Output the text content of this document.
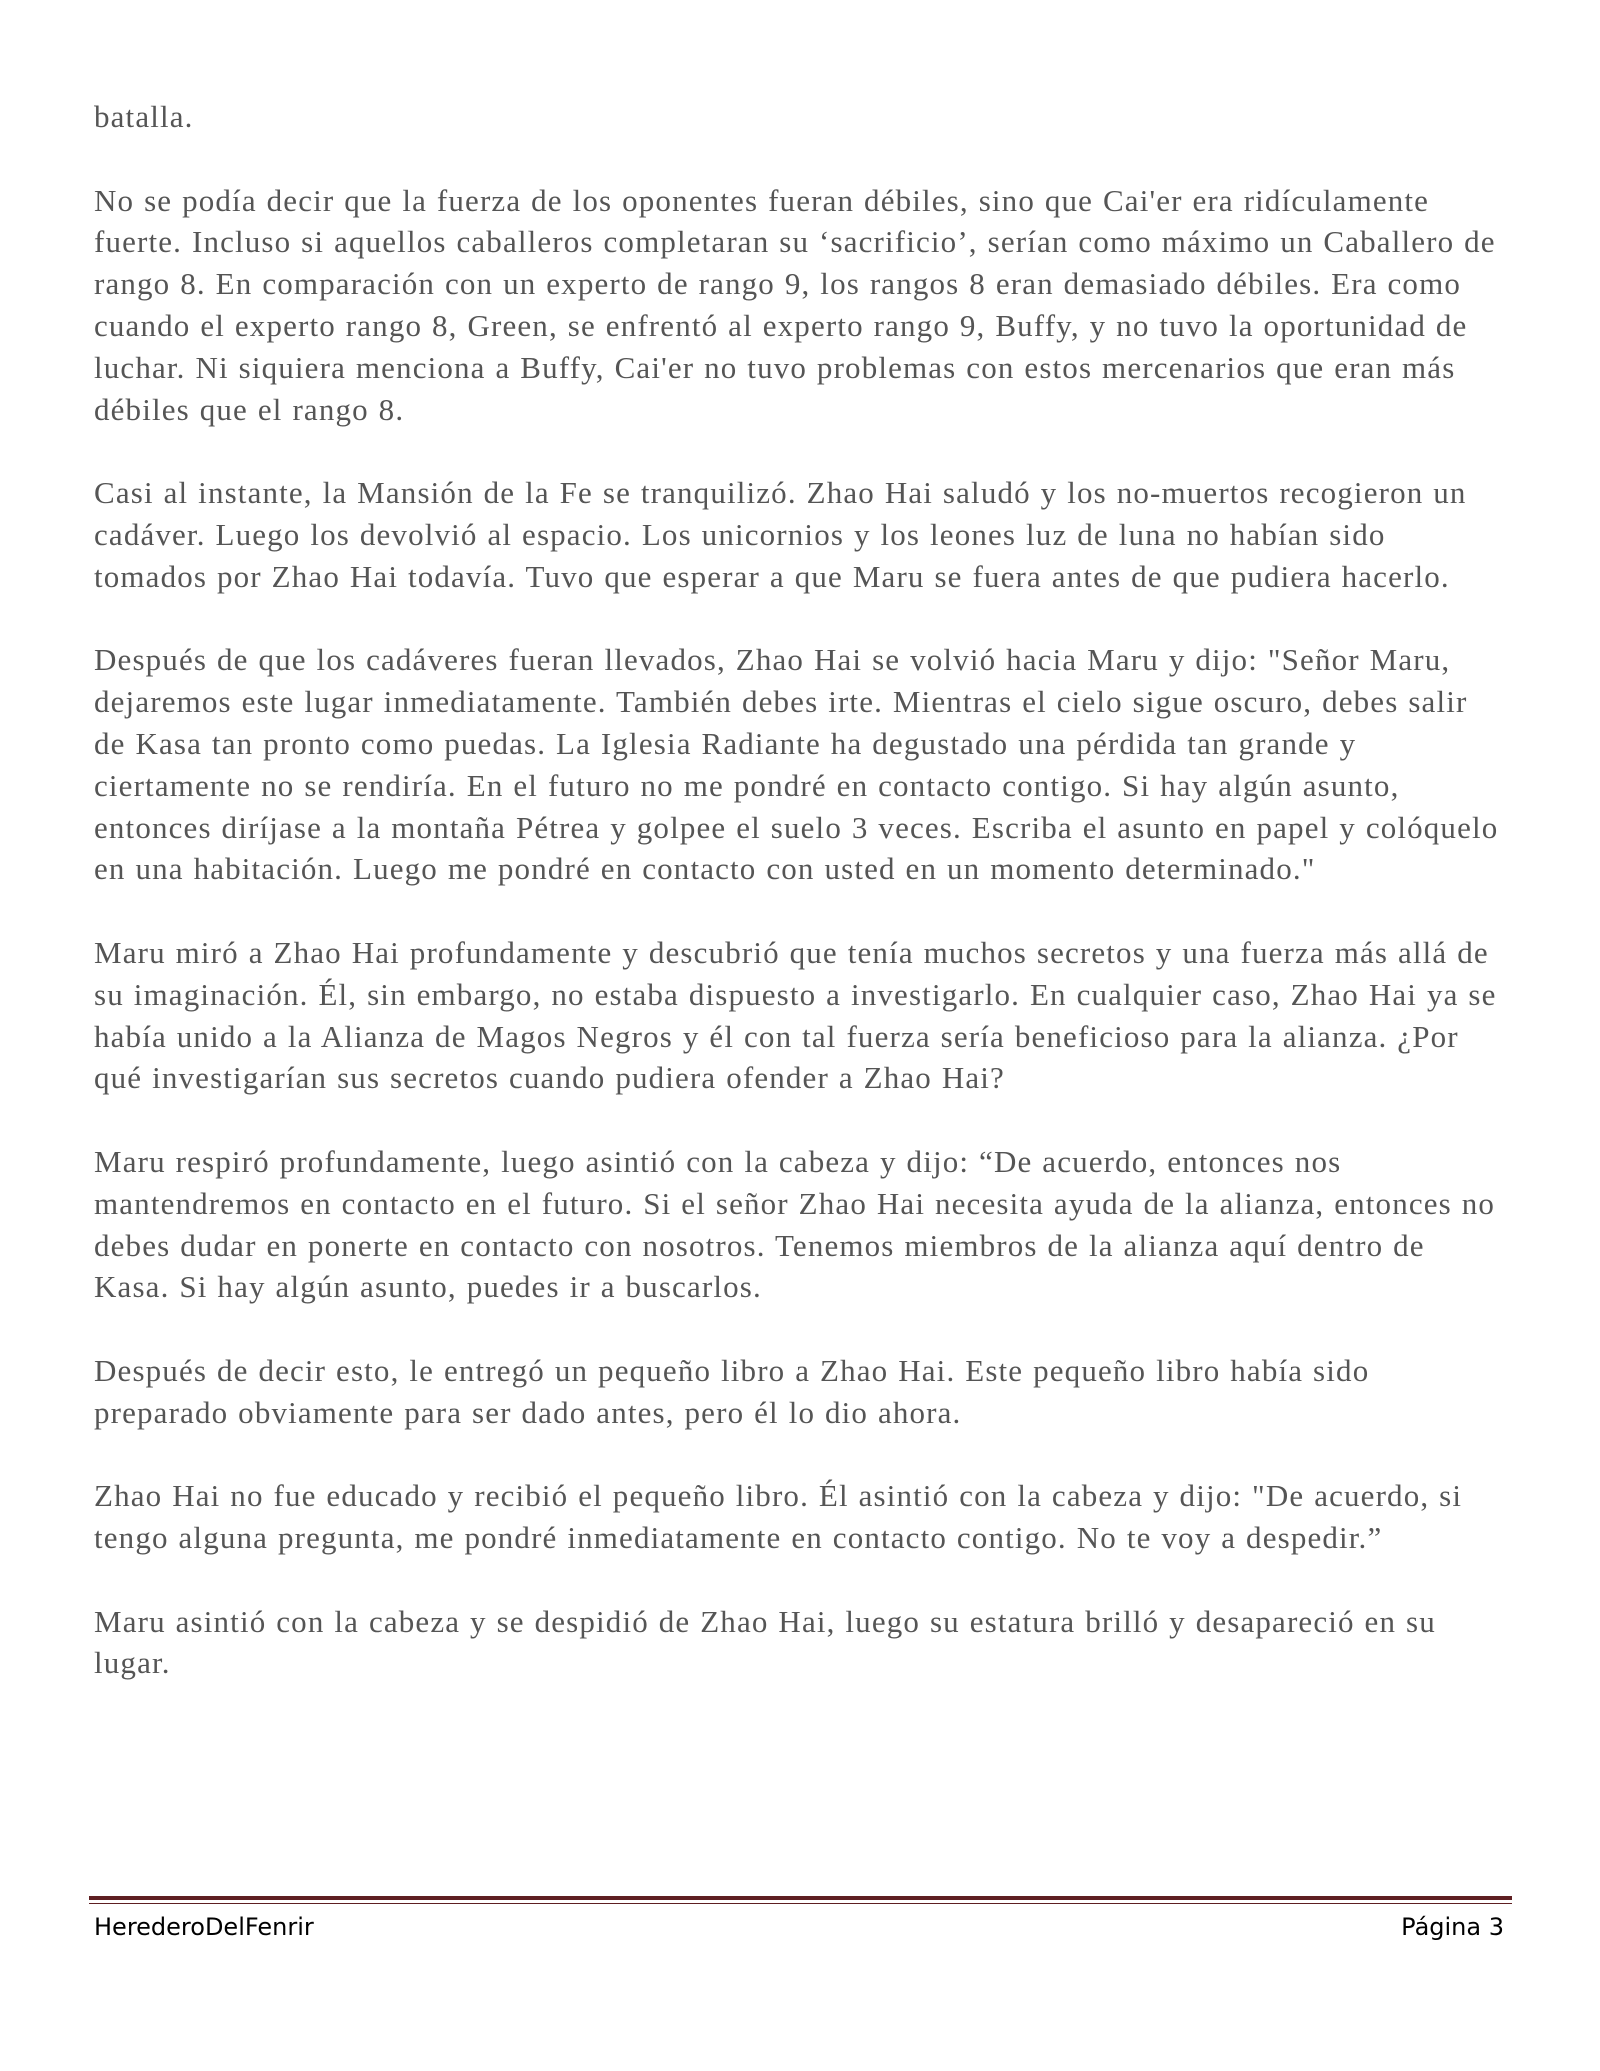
batalla.

No se podía decir que la fuerza de los oponentes fueran débiles, sino que Cai'er era ridículamente fuerte. Incluso si aquellos caballeros completaran su ‘sacrificio’, serían como máximo un Caballero de rango 8. En comparación con un experto de rango 9, los rangos 8 eran demasiado débiles. Era como cuando el experto rango 8, Green, se enfrentó al experto rango 9, Buffy, y no tuvo la oportunidad de luchar. Ni siquiera menciona a Buffy, Cai'er no tuvo problemas con estos mercenarios que eran más débiles que el rango 8.

Casi al instante, la Mansión de la Fe se tranquilizó. Zhao Hai saludó y los no-muertos recogieron un cadáver. Luego los devolvió al espacio. Los unicornios y los leones luz de luna no habían sido tomados por Zhao Hai todavía. Tuvo que esperar a que Maru se fuera antes de que pudiera hacerlo.

Después de que los cadáveres fueran llevados, Zhao Hai se volvió hacia Maru y dijo: "Señor Maru, dejaremos este lugar inmediatamente. También debes irte. Mientras el cielo sigue oscuro, debes salir de Kasa tan pronto como puedas. La Iglesia Radiante ha degustado una pérdida tan grande y ciertamente no se rendiría. En el futuro no me pondré en contacto contigo. Si hay algún asunto, entonces diríjase a la montaña Pétrea y golpee el suelo 3 veces. Escriba el asunto en papel y colóquelo en una habitación. Luego me pondré en contacto con usted en un momento determinado."

Maru miró a Zhao Hai profundamente y descubrió que tenía muchos secretos y una fuerza más allá de su imaginación. Él, sin embargo, no estaba dispuesto a investigarlo. En cualquier caso, Zhao Hai ya se había unido a la Alianza de Magos Negros y él con tal fuerza sería beneficioso para la alianza. ¿Por qué investigarían sus secretos cuando pudiera ofender a Zhao Hai?

Maru respiró profundamente, luego asintió con la cabeza y dijo: “De acuerdo, entonces nos mantendremos en contacto en el futuro. Si el señor Zhao Hai necesita ayuda de la alianza, entonces no debes dudar en ponerte en contacto con nosotros. Tenemos miembros de la alianza aquí dentro de Kasa. Si hay algún asunto, puedes ir a buscarlos.

Después de decir esto, le entregó un pequeño libro a Zhao Hai. Este pequeño libro había sido preparado obviamente para ser dado antes, pero él lo dio ahora.

Zhao Hai no fue educado y recibió el pequeño libro. Él asintió con la cabeza y dijo: "De acuerdo, si tengo alguna pregunta, me pondré inmediatamente en contacto contigo. No te voy a despedir.”

Maru asintió con la cabeza y se despidió de Zhao Hai, luego su estatura brilló y desapareció en su lugar.

HerederoDelFenrir	Página 3
